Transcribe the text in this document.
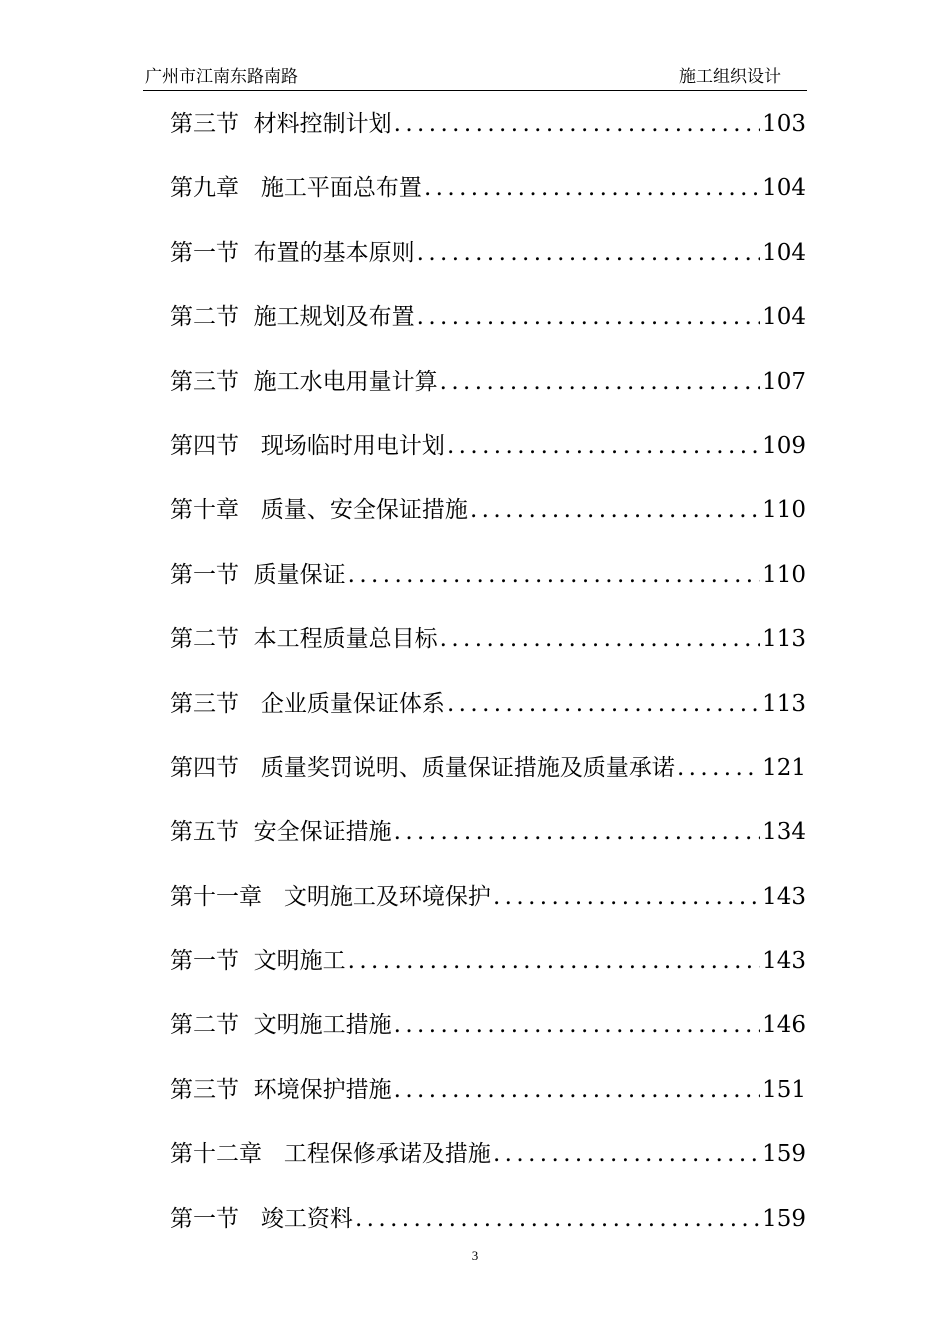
广州市江南东路南路	施工组织设计
第三节  材料控制计划 .....	103
第九章   施工平面总布置 .....	104
第一节  布置的基本原则 .....	104
第二节  施工规划及布置 .....	104
第三节  施工水电用量计算 .....	107
第四节   现场临时用电计划 .....	109
第十章   质量、安全保证措施 .....	110
第一节  质量保证 .....	110
第二节  本工程质量总目标 .....	113
第三节   企业质量保证体系 .....	113
第四节   质量奖罚说明、质量保证措施及质量承诺 .....	121
第五节  安全保证措施 .....	134
第十一章   文明施工及环境保护 .....	143
第一节  文明施工 .....	143
第二节  文明施工措施 .....	146
第三节  环境保护措施 .....	151
第十二章   工程保修承诺及措施 .....	159
第一节   竣工资料 .....	159
3
